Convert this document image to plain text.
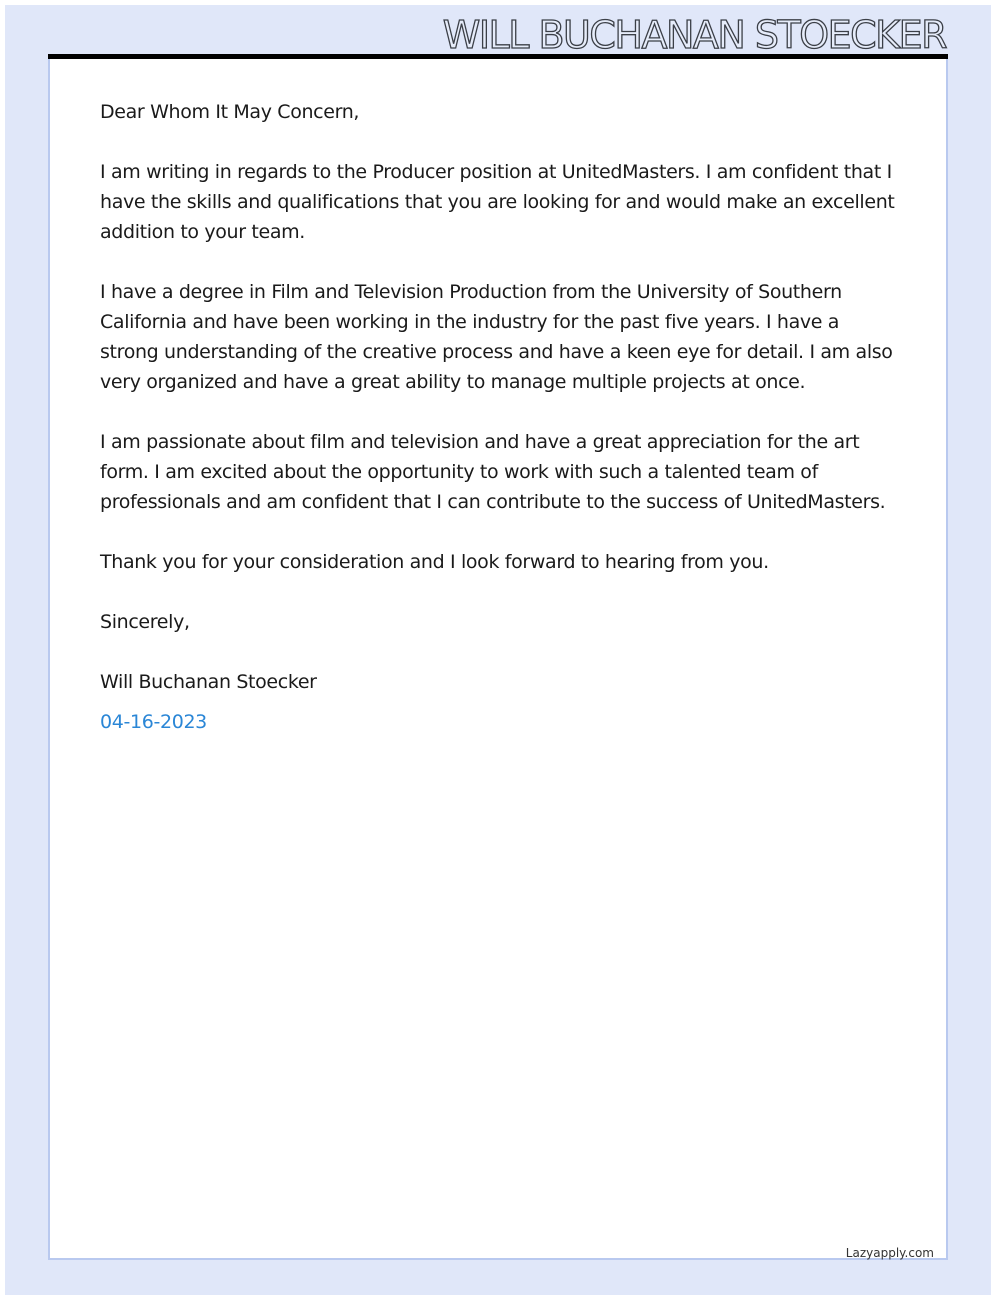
WILL BUCHANAN STOECKER

Dear Whom It May Concern,

I am writing in regards to the Producer position at UnitedMasters. I am confident that I have the skills and qualifications that you are looking for and would make an excellent addition to your team.

I have a degree in Film and Television Production from the University of Southern California and have been working in the industry for the past five years. I have a strong understanding of the creative process and have a keen eye for detail. I am also very organized and have a great ability to manage multiple projects at once.

I am passionate about film and television and have a great appreciation for the art form. I am excited about the opportunity to work with such a talented team of professionals and am confident that I can contribute to the success of UnitedMasters.

Thank you for your consideration and I look forward to hearing from you.

Sincerely,

Will Buchanan Stoecker

04-16-2023

Lazyapply.com
